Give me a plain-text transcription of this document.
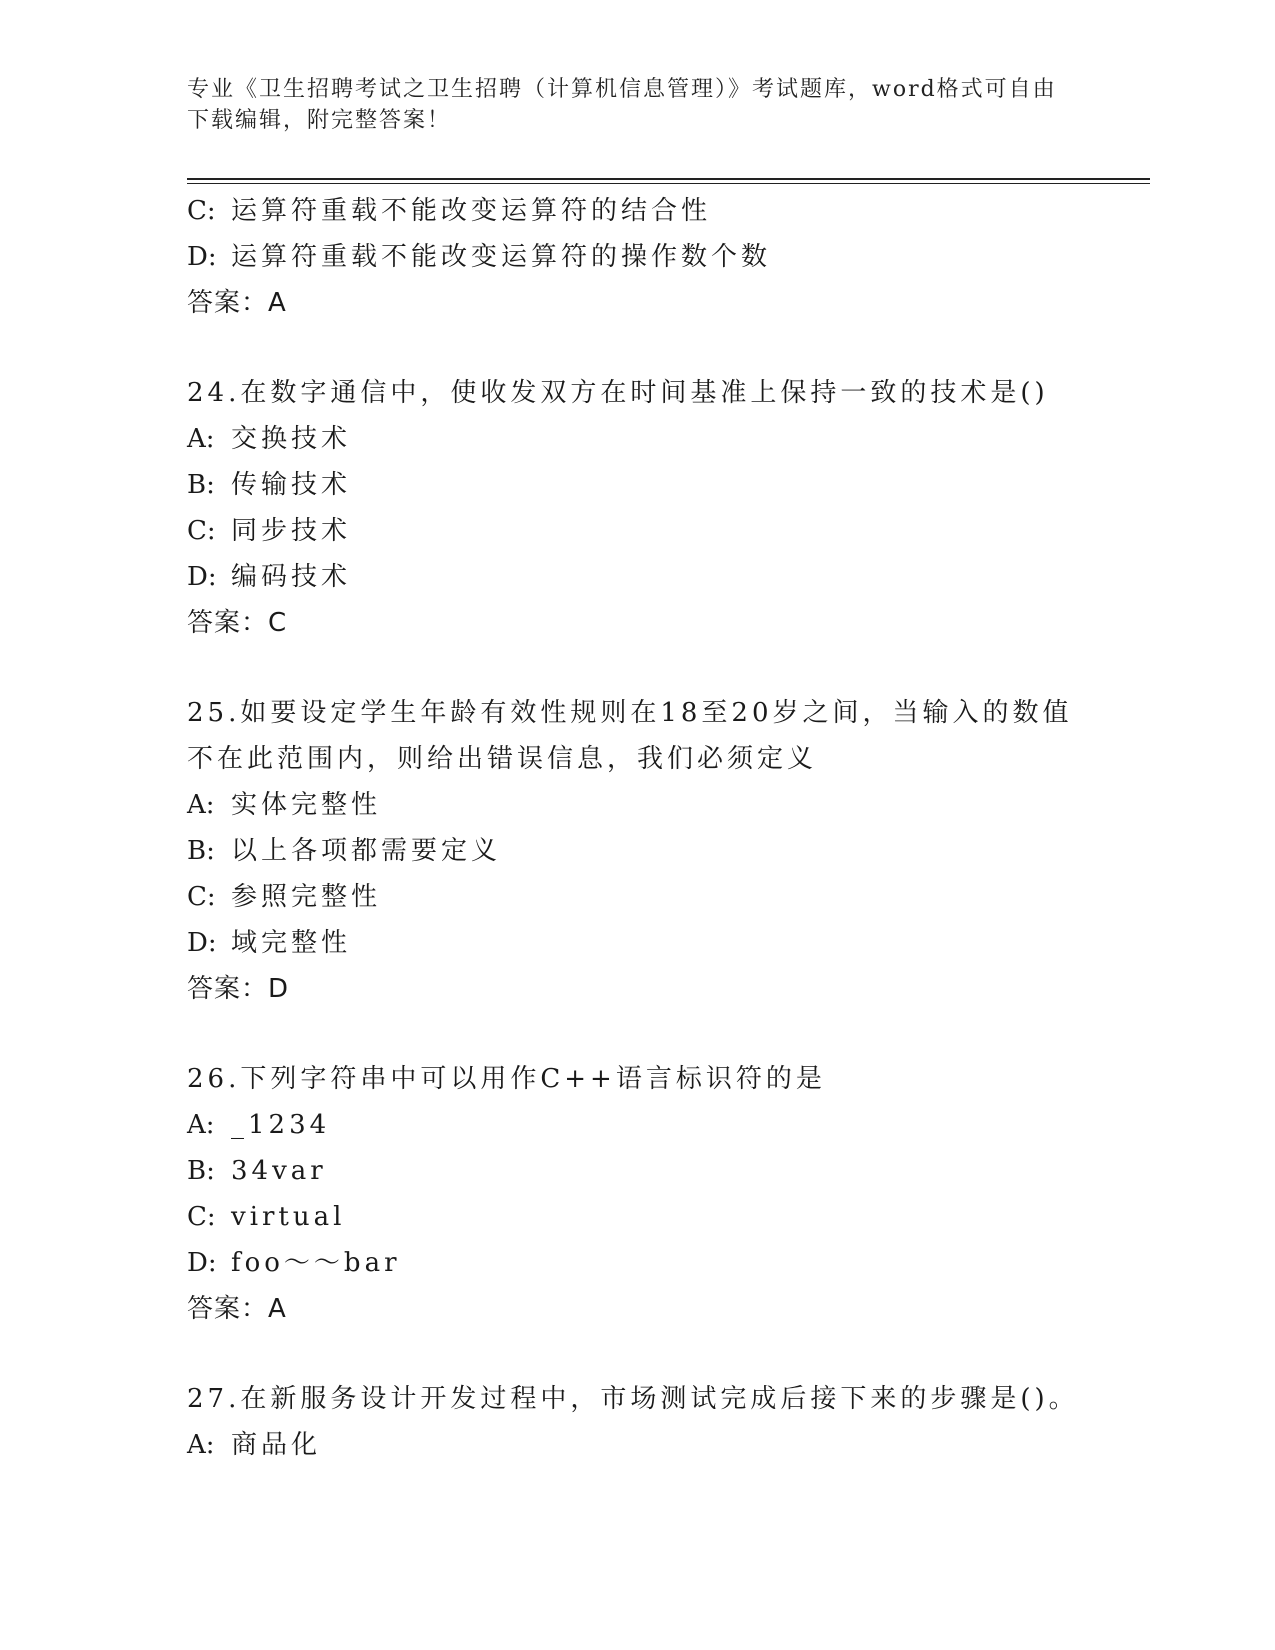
专业《卫生招聘考试之卫生招聘（计算机信息管理）》考试题库，word格式可自由下载编辑，附完整答案！
C: 运算符重载不能改变运算符的结合性
D: 运算符重载不能改变运算符的操作数个数
答案：A
24.在数字通信中，使收发双方在时间基准上保持一致的技术是()
A: 交换技术
B: 传输技术
C: 同步技术
D: 编码技术
答案：C
25.如要设定学生年龄有效性规则在18至20岁之间，当输入的数值不在此范围内，则给出错误信息，我们必须定义
A: 实体完整性
B: 以上各项都需要定义
C: 参照完整性
D: 域完整性
答案：D
26.下列字符串中可以用作C++语言标识符的是
A: _1234
B: 34var
C: virtual
D: foo～～bar
答案：A
27.在新服务设计开发过程中，市场测试完成后接下来的步骤是()。
A: 商品化
